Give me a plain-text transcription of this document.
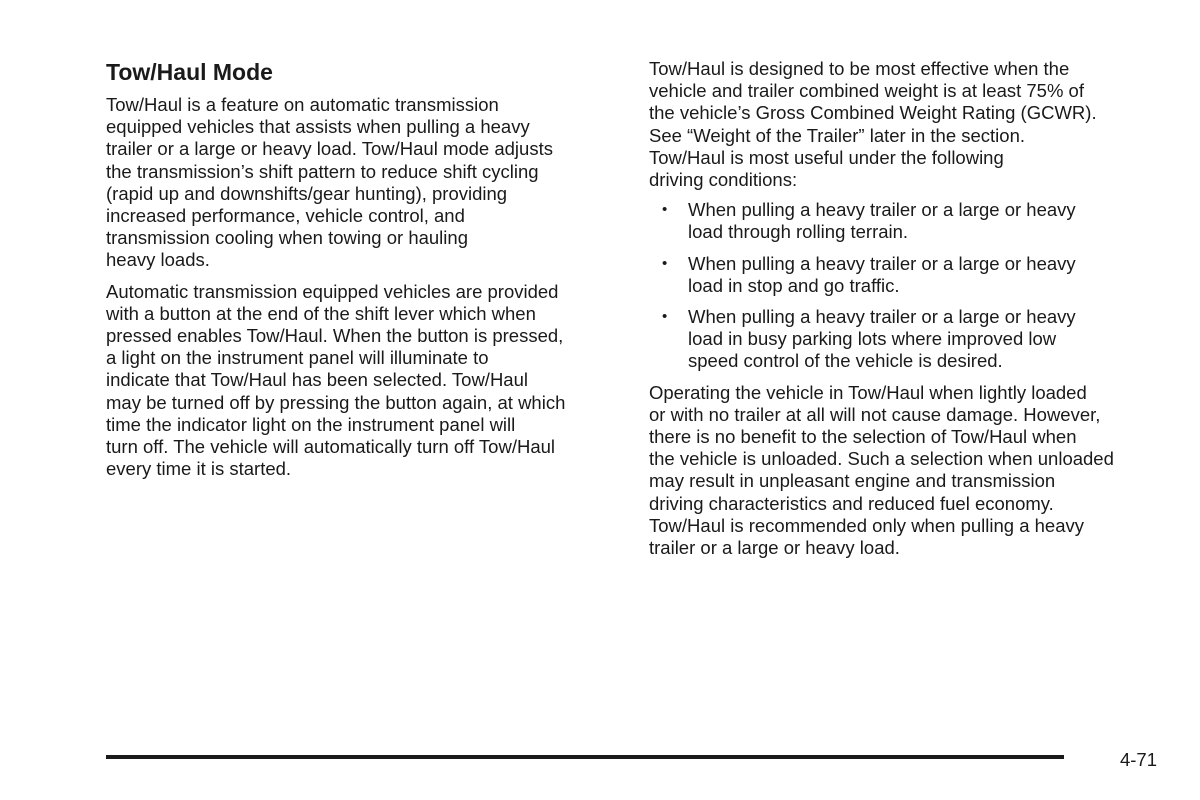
Tow/Haul Mode

Tow/Haul is a feature on automatic transmission
equipped vehicles that assists when pulling a heavy
trailer or a large or heavy load. Tow/Haul mode adjusts
the transmission’s shift pattern to reduce shift cycling
(rapid up and downshifts/gear hunting), providing
increased performance, vehicle control, and
transmission cooling when towing or hauling
heavy loads.

Automatic transmission equipped vehicles are provided
with a button at the end of the shift lever which when
pressed enables Tow/Haul. When the button is pressed,
a light on the instrument panel will illuminate to
indicate that Tow/Haul has been selected. Tow/Haul
may be turned off by pressing the button again, at which
time the indicator light on the instrument panel will
turn off. The vehicle will automatically turn off Tow/Haul
every time it is started.

Tow/Haul is designed to be most effective when the
vehicle and trailer combined weight is at least 75% of
the vehicle’s Gross Combined Weight Rating (GCWR).
See “Weight of the Trailer” later in the section.
Tow/Haul is most useful under the following
driving conditions:

• When pulling a heavy trailer or a large or heavy
load through rolling terrain.
• When pulling a heavy trailer or a large or heavy
load in stop and go traffic.
• When pulling a heavy trailer or a large or heavy
load in busy parking lots where improved low
speed control of the vehicle is desired.

Operating the vehicle in Tow/Haul when lightly loaded
or with no trailer at all will not cause damage. However,
there is no benefit to the selection of Tow/Haul when
the vehicle is unloaded. Such a selection when unloaded
may result in unpleasant engine and transmission
driving characteristics and reduced fuel economy.
Tow/Haul is recommended only when pulling a heavy
trailer or a large or heavy load.

4-71
